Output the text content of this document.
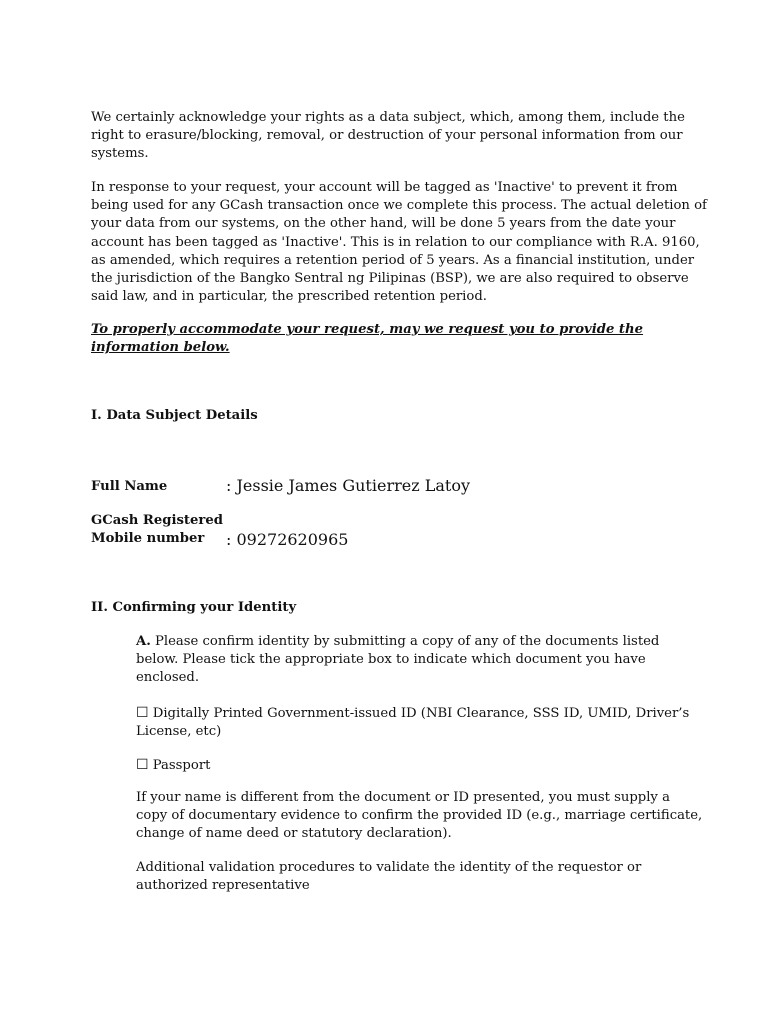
We certainly acknowledge your rights as a data subject, which, among them, include the
right to erasure/blocking, removal, or destruction of your personal information from our
systems.
In response to your request, your account will be tagged as 'Inactive' to prevent it from
being used for any GCash transaction once we complete this process. The actual deletion of
your data from our systems, on the other hand, will be done 5 years from the date your
account has been tagged as 'Inactive'. This is in relation to our compliance with R.A. 9160,
as amended, which requires a retention period of 5 years. As a financial institution, under
the jurisdiction of the Bangko Sentral ng Pilipinas (BSP), we are also required to observe
said law, and in particular, the prescribed retention period.
To properly accommodate your request, may we request you to provide the
information below.
I. Data Subject Details
Full Name	: Jessie James Gutierrez Latoy
GCash Registered
Mobile number	: 09272620965
II. Confirming your Identity
A. Please confirm identity by submitting a copy of any of the documents listed
below. Please tick the appropriate box to indicate which document you have
enclosed.
☐ Digitally Printed Government-issued ID (NBI Clearance, SSS ID, UMID, Driver’s
License, etc)
☐ Passport
If your name is different from the document or ID presented, you must supply a
copy of documentary evidence to confirm the provided ID (e.g., marriage certificate,
change of name deed or statutory declaration).
Additional validation procedures to validate the identity of the requestor or
authorized representative
